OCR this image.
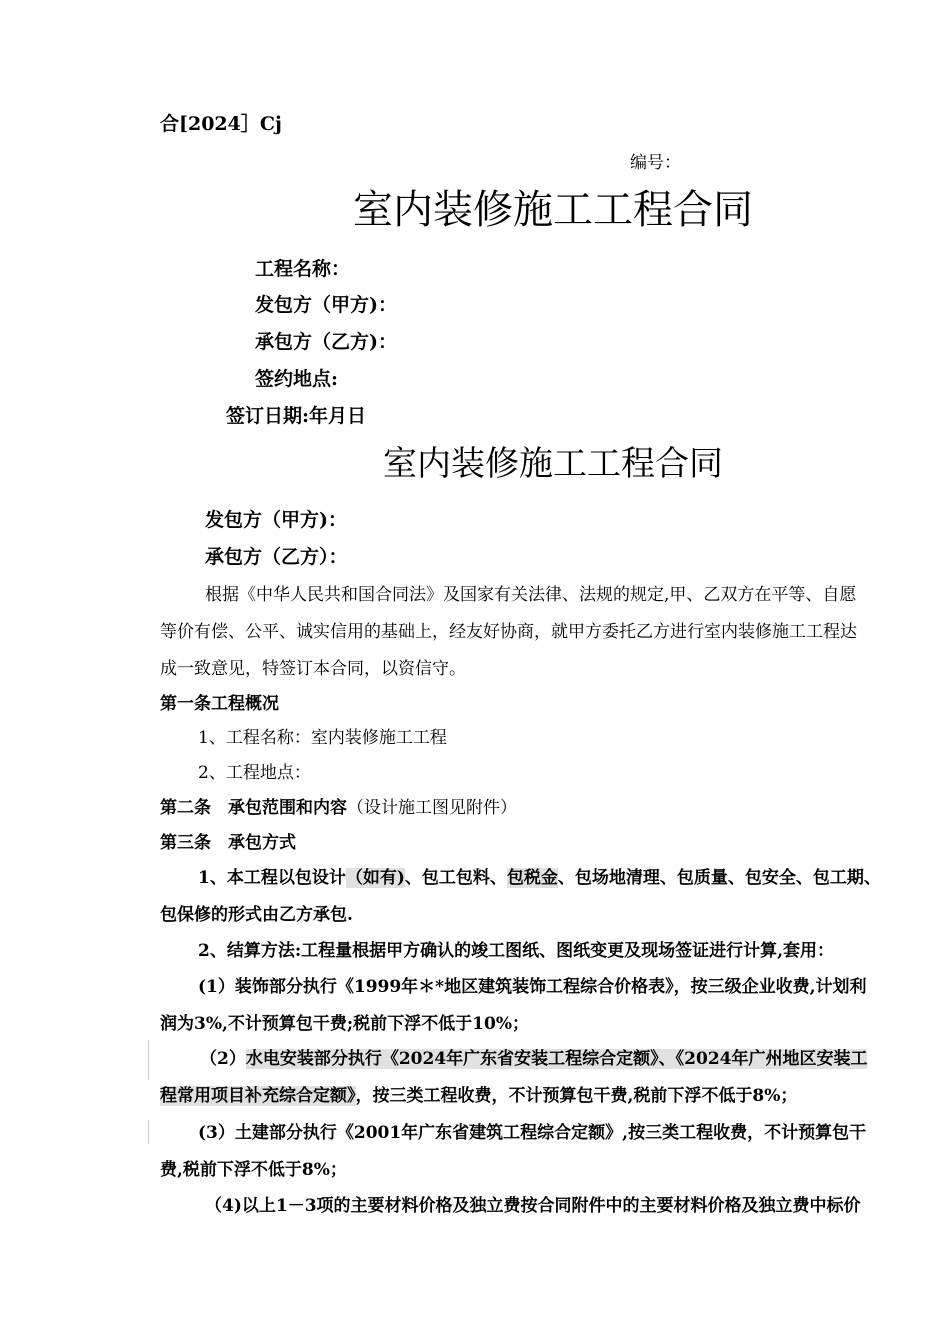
合[2024］Cj
编号：
室内装修施工工程合同
工程名称：
发包方（甲方)：
承包方（乙方)：
签约地点:
签订日期:年月日
室内装修施工工程合同
发包方（甲方)：
承包方（乙方）：
根据《中华人民共和国合同法》及国家有关法律、法规的规定,甲、乙双方在平等、自愿
等价有偿、公平、诚实信用的基础上，经友好协商，就甲方委托乙方进行室内装修施工工程达
成一致意见，特签订本合同，以资信守。
第一条工程概况
1、工程名称：室内装修施工工程
2、工程地点：
第二条　承包范围和内容（设计施工图见附件）
第三条　承包方式
1、本工程以包设计（如有)、包工包料、包税金、包场地清理、包质量、包安全、包工期、
包保修的形式由乙方承包.
2、结算方法:工程量根据甲方确认的竣工图纸、图纸变更及现场签证进行计算,套用：
(1）装饰部分执行《1999年＊*地区建筑装饰工程综合价格表》，按三级企业收费,计划利
润为3%,不计预算包干费;税前下浮不低于10%；
（2）水电安装部分执行《2024年广东省安装工程综合定额》、《2024年广州地区安装工
程常用项目补充综合定额》，按三类工程收费，不计预算包干费,税前下浮不低于8%；
(3）土建部分执行《2001年广东省建筑工程综合定额》,按三类工程收费，不计预算包干
费,税前下浮不低于8%；
（4)以上1－3项的主要材料价格及独立费按合同附件中的主要材料价格及独立费中标价
